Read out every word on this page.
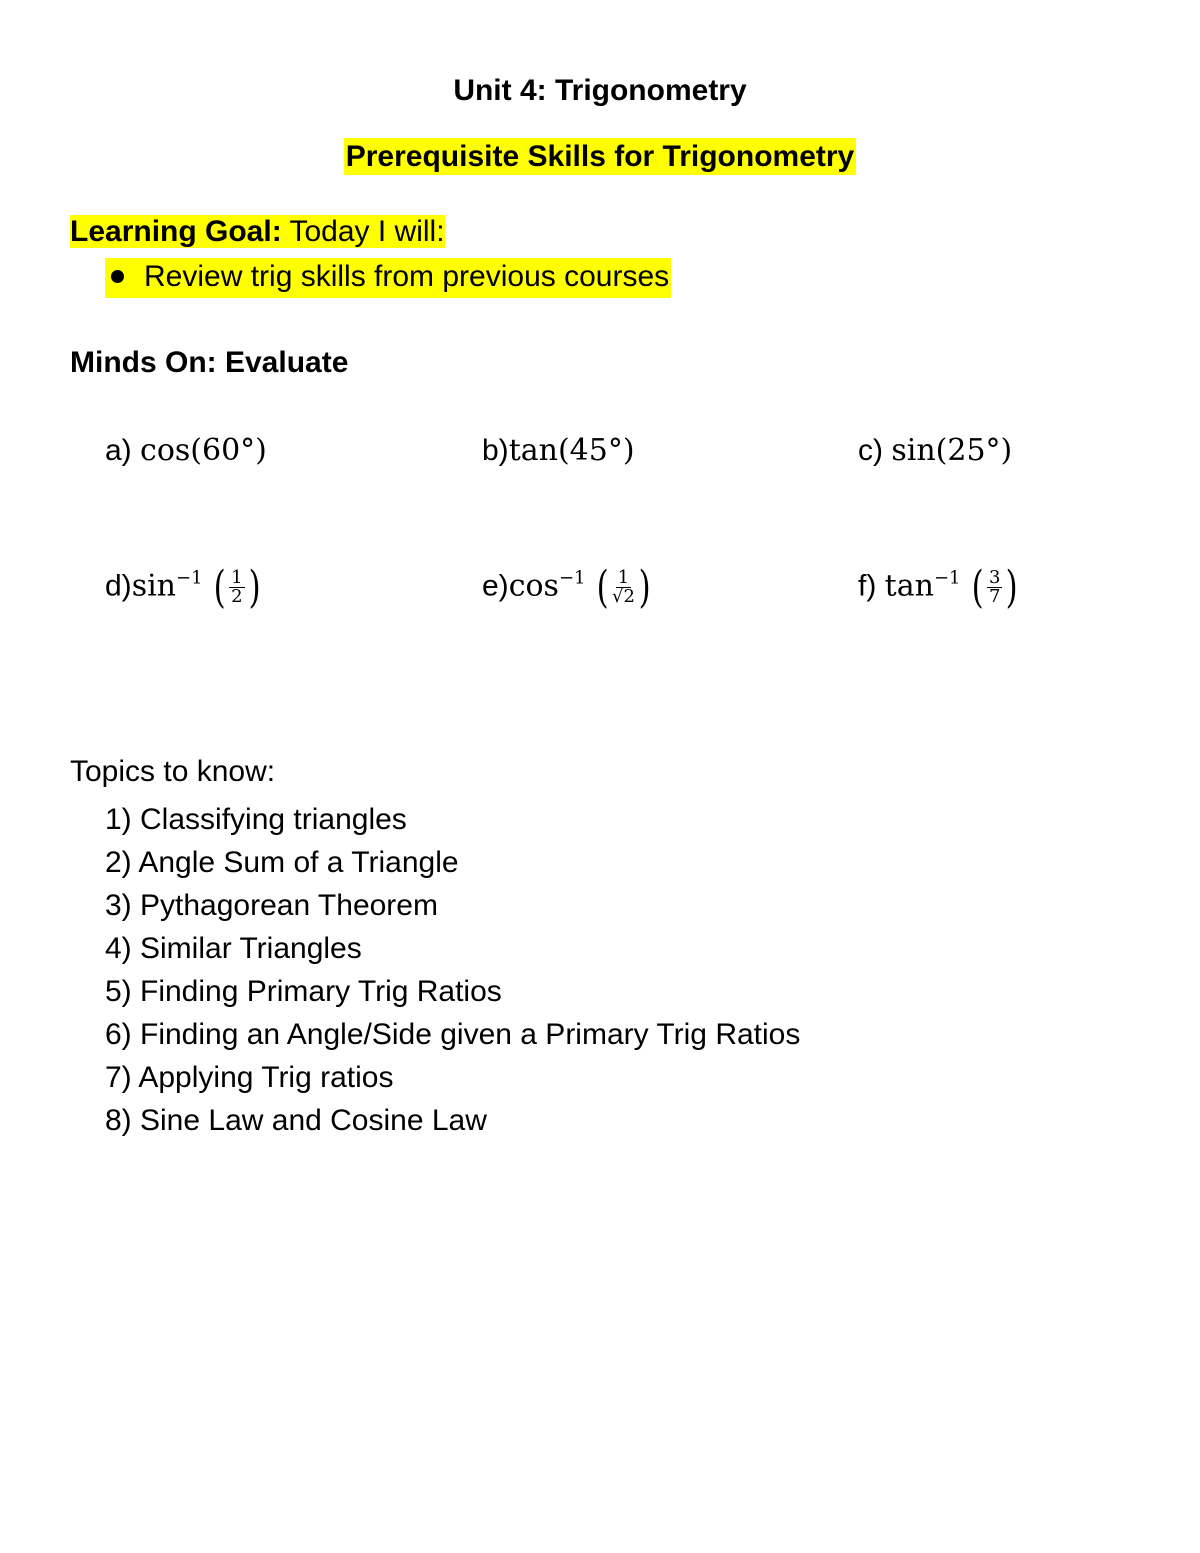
Unit 4: Trigonometry
Prerequisite Skills for Trigonometry
Learning Goal: Today I will:
Review trig skills from previous courses
Minds On: Evaluate
a) cos(60°)	b)tan(45°)	c) sin(25°)
$d)\sin^{-1}$ ( $\frac{1}{2}$ )	$e)\cos^{-1}$ ( $\frac{1}{√2}$ )	f) $\tan^{-1}$ ( $\frac{3}{7}$ )
Topics to know:
1) Classifying triangles
2) Angle Sum of a Triangle
3) Pythagorean Theorem
4) Similar Triangles
5) Finding Primary Trig Ratios
6) Finding an Angle/Side given a Primary Trig Ratios
7) Applying Trig ratios
8) Sine Law and Cosine Law
